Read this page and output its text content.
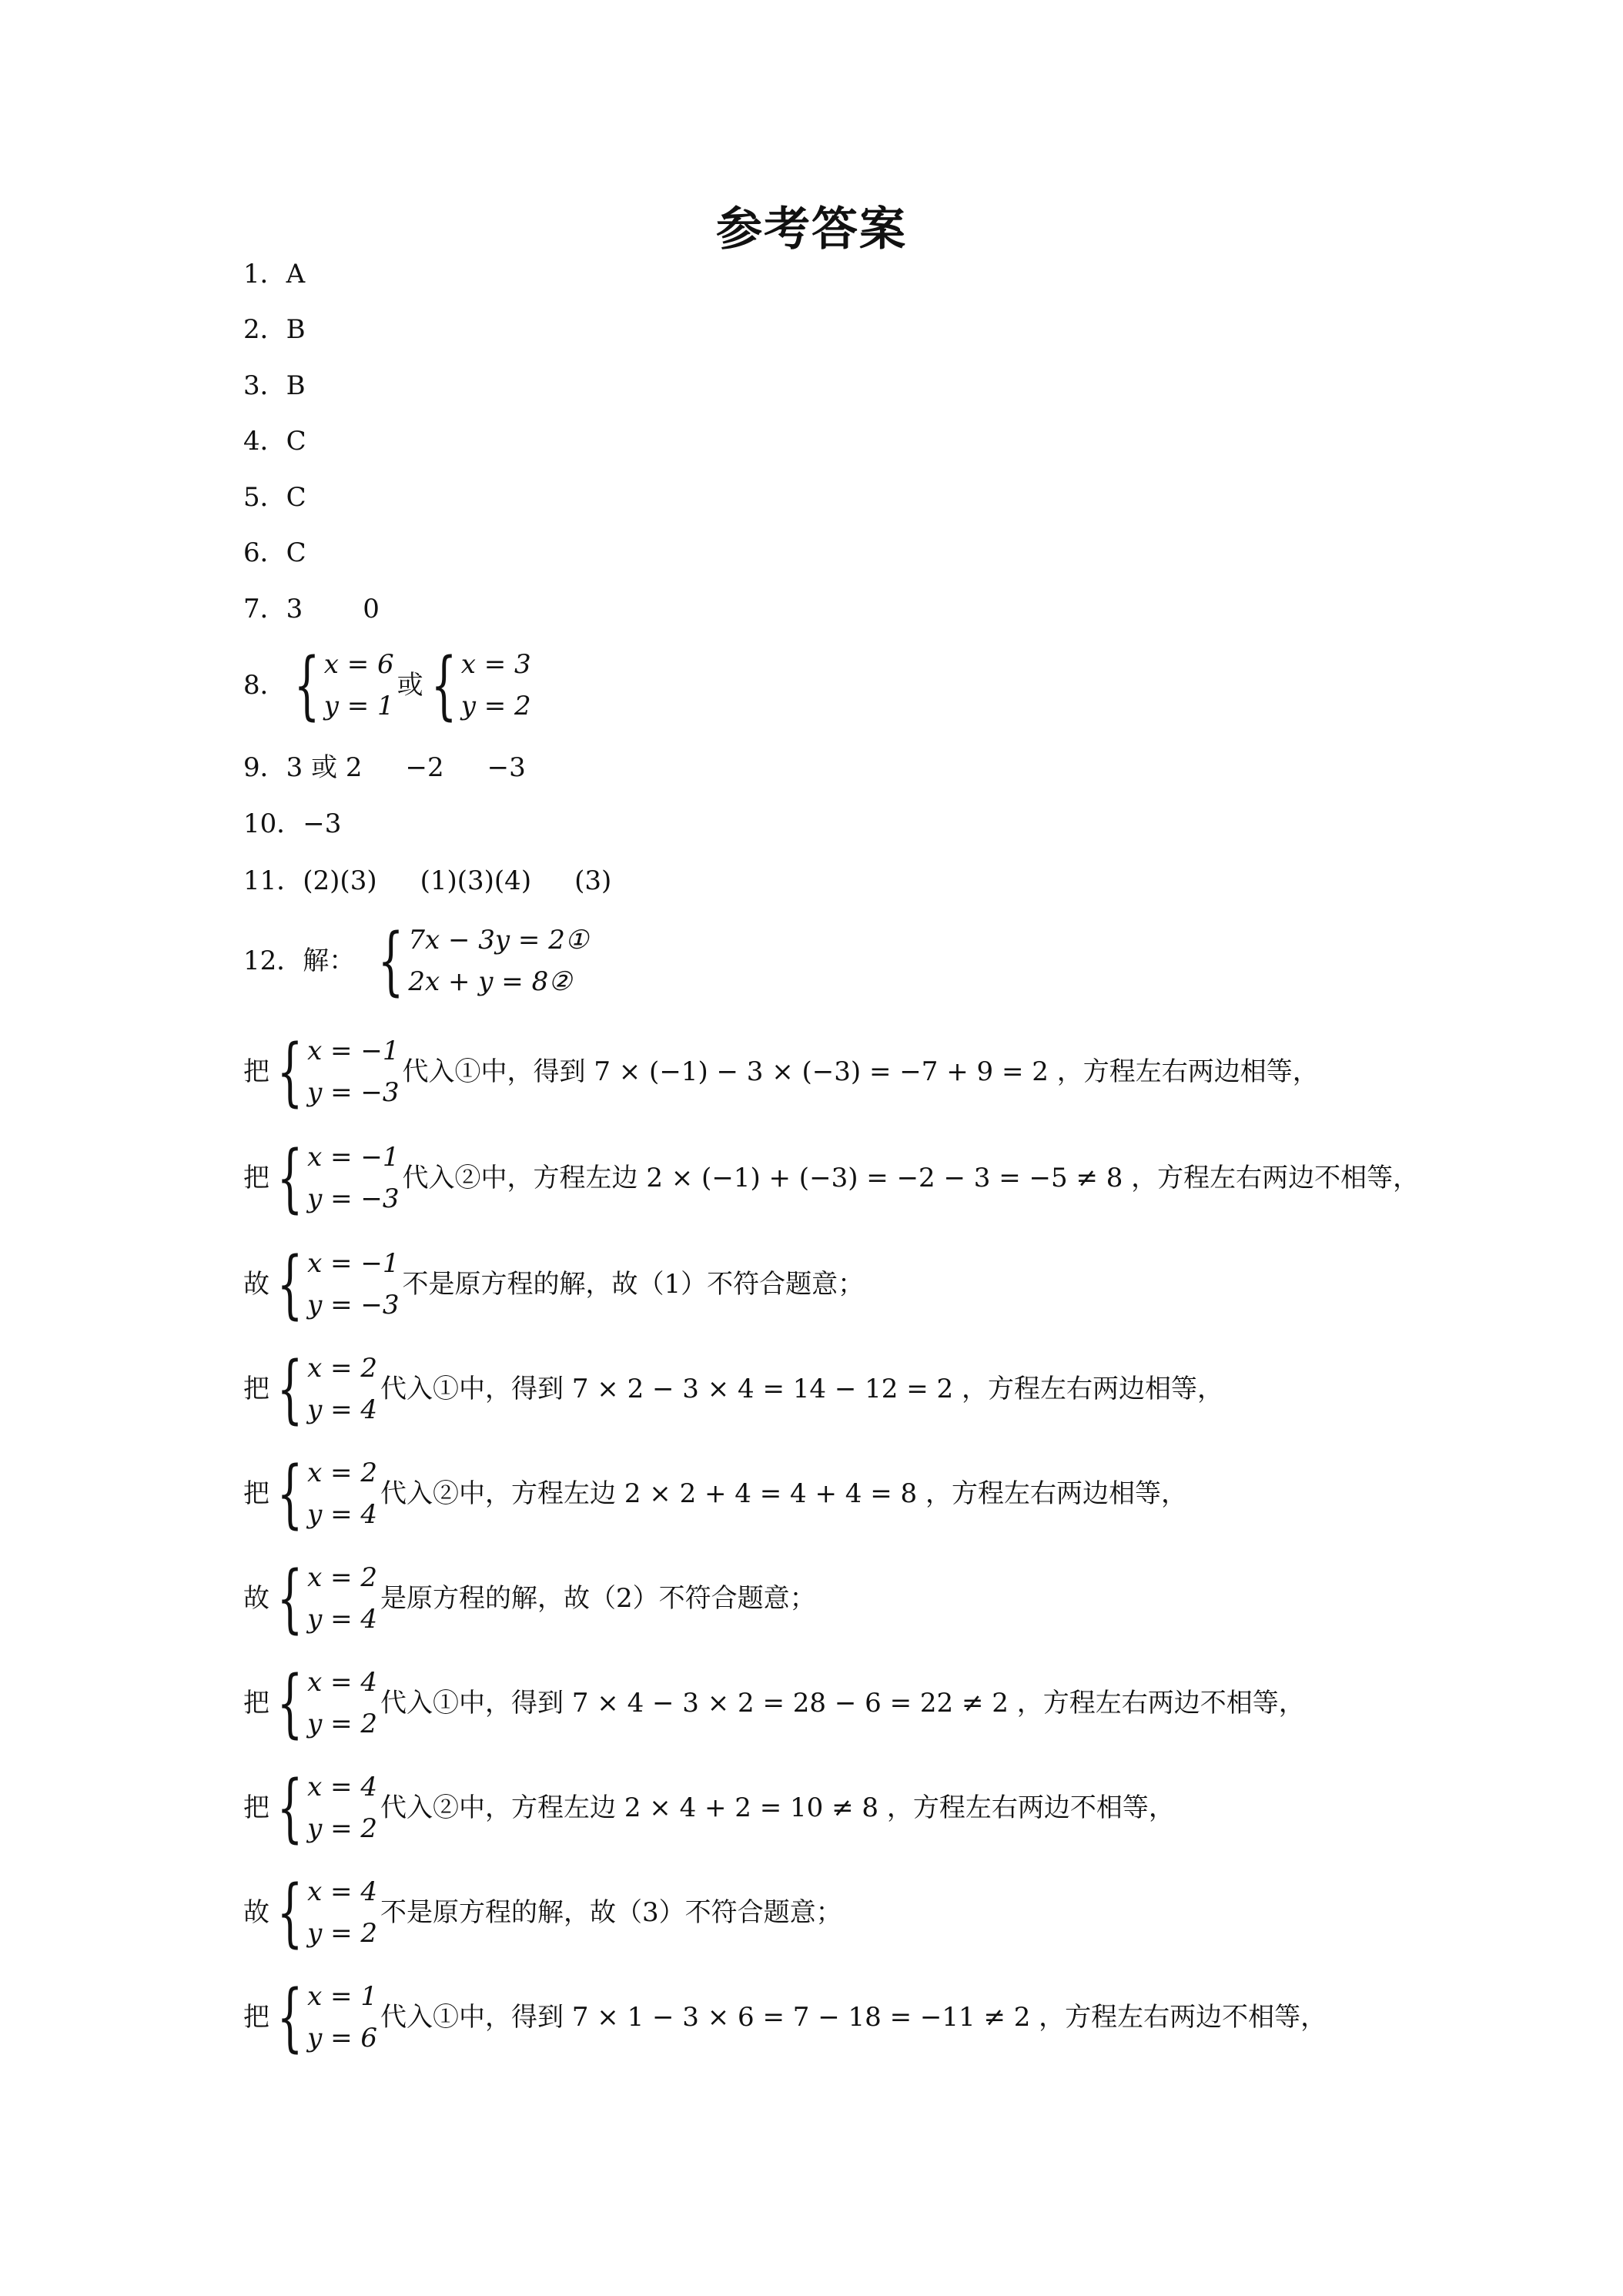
参考答案
1． A
2． B
3． B
4． C
5． C
6． C
7． 3 0
8． { x = 6
y = 1
或 { x = 3
y = 2
9． 3 或 2 −2 −3
10． −3
11． (2)(3) (1)(3)(4) (3)
12．解： { 7x − 3y = 2①
2x + y = 8②
把 { x = −1
y = −3
代入①中，得到 7 × (−1) − 3 × (−3) = −7 + 9 = 2 ，方程左右两边相等，
把 { x = −1
y = −3
代入②中，方程左边 2 × (−1) + (−3) = −2 − 3 = −5 ≠ 8 ，方程左右两边不相等，
故 { x = −1
y = −3
不是原方程的解，故（1）不符合题意；
把 { x = 2
y = 4
代入①中，得到 7 × 2 − 3 × 4 = 14 − 12 = 2 ，方程左右两边相等，
把 { x = 2
y = 4
代入②中，方程左边 2 × 2 + 4 = 4 + 4 = 8 ，方程左右两边相等，
故 { x = 2
y = 4
是原方程的解，故（2）不符合题意；
把 { x = 4
y = 2
代入①中，得到 7 × 4 − 3 × 2 = 28 − 6 = 22 ≠ 2 ，方程左右两边不相等，
把 { x = 4
y = 2
代入②中，方程左边 2 × 4 + 2 = 10 ≠ 8 ，方程左右两边不相等，
故 { x = 4
y = 2
不是原方程的解，故（3）不符合题意；
把 { x = 1
y = 6
代入①中，得到 7 × 1 − 3 × 6 = 7 − 18 = −11 ≠ 2 ，方程左右两边不相等，
